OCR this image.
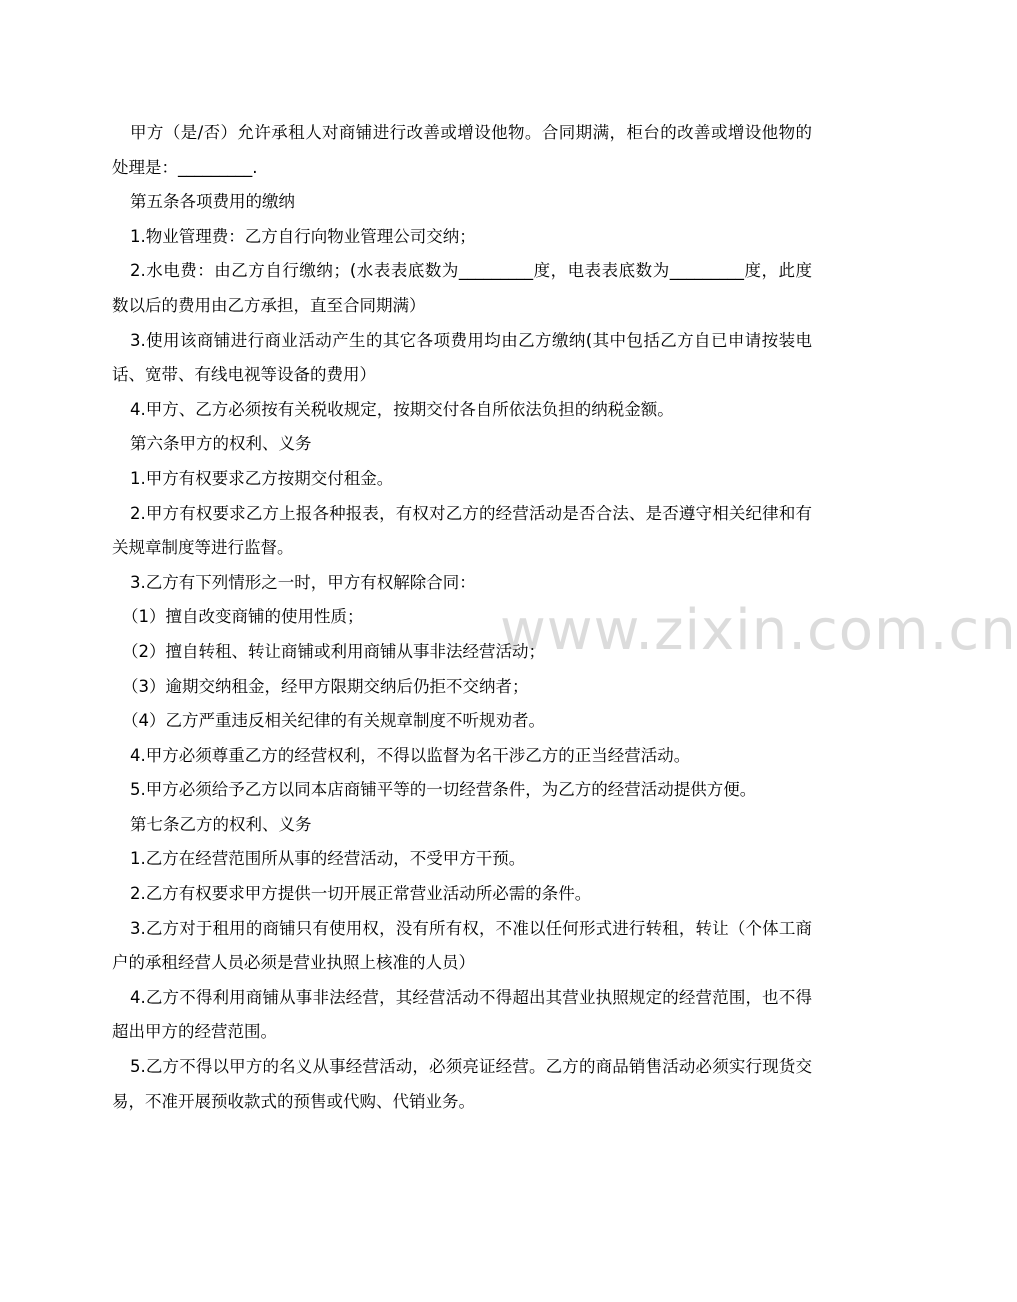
www.zixin.com.cn

甲方（是/否）允许承租人对商铺进行改善或增设他物。合同期满，柜台的改善或增设他物的处理是：_________.

第五条各项费用的缴纳

1.物业管理费：乙方自行向物业管理公司交纳；

2.水电费：由乙方自行缴纳；(水表表底数为_________度，电表表底数为_________度，此度数以后的费用由乙方承担，直至合同期满）

3.使用该商铺进行商业活动产生的其它各项费用均由乙方缴纳(其中包括乙方自已申请按装电话、宽带、有线电视等设备的费用）

4.甲方、乙方必须按有关税收规定，按期交付各自所依法负担的纳税金额。

第六条甲方的权利、义务

1.甲方有权要求乙方按期交付租金。

2.甲方有权要求乙方上报各种报表，有权对乙方的经营活动是否合法、是否遵守相关纪律和有关规章制度等进行监督。

3.乙方有下列情形之一时，甲方有权解除合同：

（1）擅自改变商铺的使用性质；

（2）擅自转租、转让商铺或利用商铺从事非法经营活动；

（3）逾期交纳租金，经甲方限期交纳后仍拒不交纳者；

（4）乙方严重违反相关纪律的有关规章制度不听规劝者。

4.甲方必须尊重乙方的经营权利，不得以监督为名干涉乙方的正当经营活动。

5.甲方必须给予乙方以同本店商铺平等的一切经营条件，为乙方的经营活动提供方便。

第七条乙方的权利、义务

1.乙方在经营范围所从事的经营活动，不受甲方干预。

2.乙方有权要求甲方提供一切开展正常营业活动所必需的条件。

3.乙方对于租用的商铺只有使用权，没有所有权，不准以任何形式进行转租，转让（个体工商户的承租经营人员必须是营业执照上核准的人员）

4.乙方不得利用商铺从事非法经营，其经营活动不得超出其营业执照规定的经营范围，也不得超出甲方的经营范围。

5.乙方不得以甲方的名义从事经营活动，必须亮证经营。乙方的商品销售活动必须实行现货交易，不准开展预收款式的预售或代购、代销业务。
